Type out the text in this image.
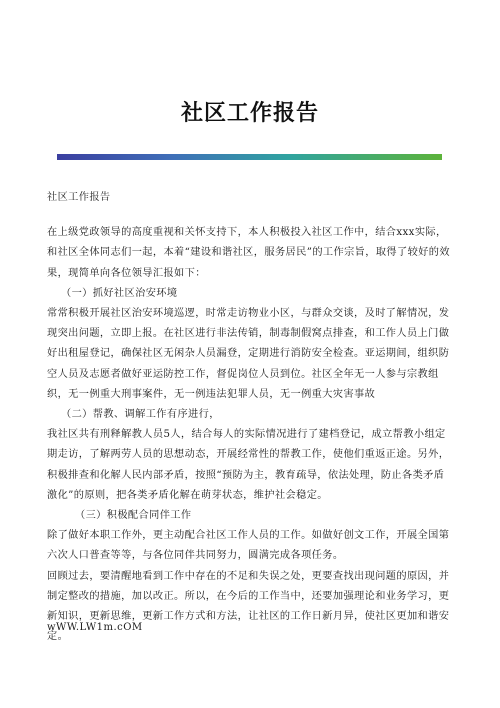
社区工作报告

社区工作报告

在上级党政领导的高度重视和关怀支持下，本人积极投入社区工作中，结合xxx实际，和社区全体同志们一起，本着“建设和谐社区，服务居民”的工作宗旨，取得了较好的效果，现简单向各位领导汇报如下：

（一）抓好社区治安环境

常常积极开展社区治安环境巡逻，时常走访物业小区，与群众交谈，及时了解情况，发现突出问题，立即上报。在社区进行非法传销，制毒制假窝点排查，和工作人员上门做好出租屋登记，确保社区无闲杂人员漏登，定期进行消防安全检查。亚运期间，组织防空人员及志愿者做好亚运防控工作，督促岗位人员到位。社区全年无一人参与宗教组织，无一例重大刑事案件，无一例违法犯罪人员，无一例重大灾害事故

（二）帮教、调解工作有序进行，

我社区共有刑释解教人员5人，结合每人的实际情况进行了建档登记，成立帮教小组定期走访，了解两劳人员的思想动态，开展经常性的帮教工作，使他们重返正途。另外，积极排查和化解人民内部矛盾，按照“预防为主，教育疏导，依法处理，防止各类矛盾激化”的原则，把各类矛盾化解在萌芽状态，维护社会稳定。

（三）积极配合同伴工作

除了做好本职工作外，更主动配合社区工作人员的工作。如做好创文工作，开展全国第六次人口普查等等，与各位同伴共同努力，圆满完成各项任务。

回顾过去，要清醒地看到工作中存在的不足和失误之处，更要查找出现问题的原因，并制定整改的措施，加以改正。所以，在今后的工作当中，还要加强理论和业务学习，更新知识，更新思维，更新工作方式和方法，让社区的工作日新月异，使社区更加和谐安定。

wWW.LW1m.cOM
